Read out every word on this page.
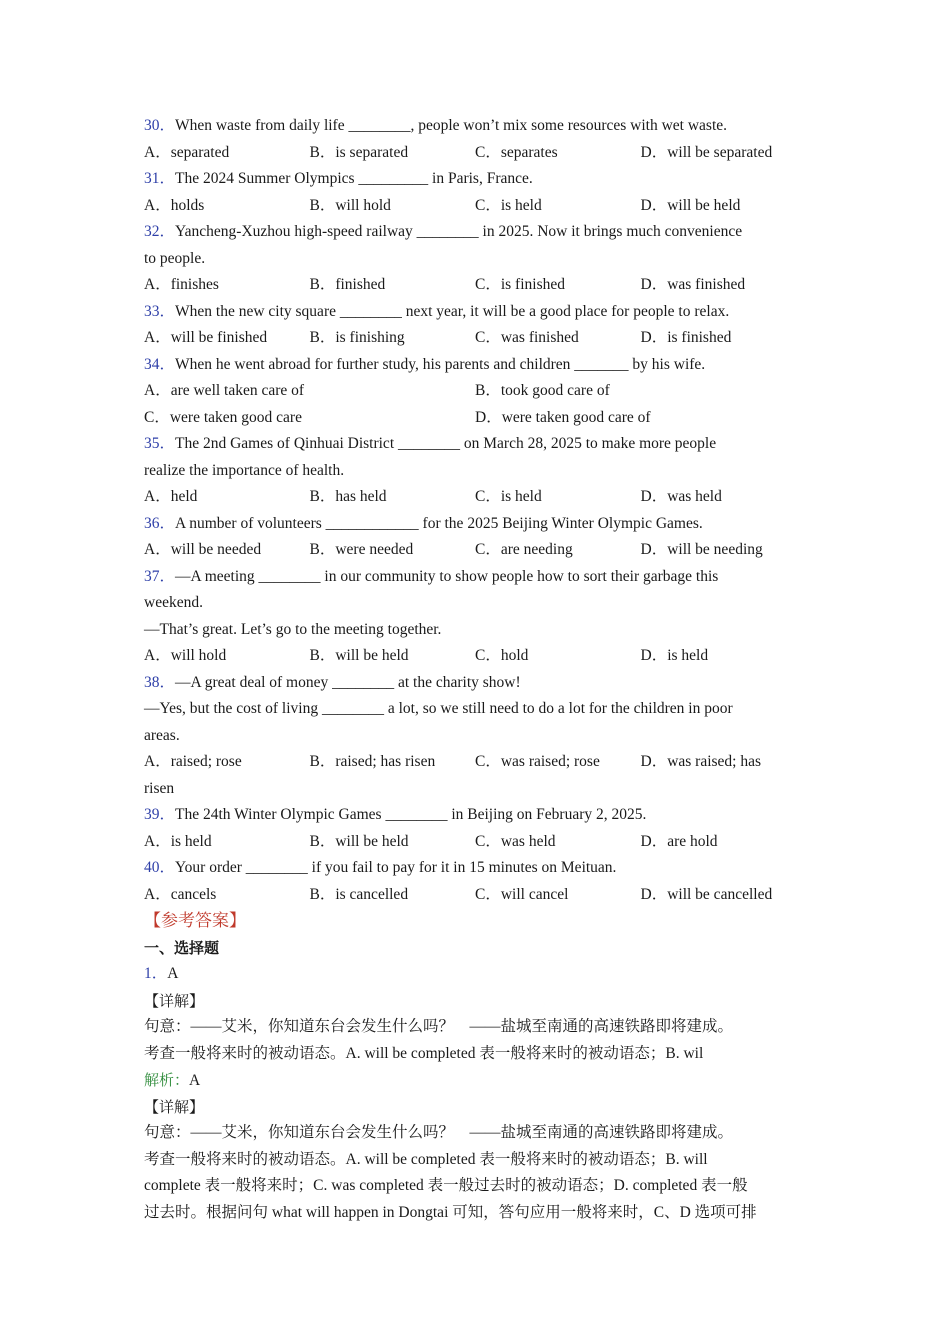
30．When waste from daily life ________, people won’t mix some resources with wet waste.
A．separated	B．is separated	C．separates	D．will be separated
31．The 2024 Summer Olympics _________ in Paris, France.
A．holds	B．will hold	C．is held	D．will be held
32．Yancheng-Xuzhou high-speed railway ________ in 2025. Now it brings much convenience
to people.
A．finishes	B．finished	C．is finished	D．was finished
33．When the new city square ________ next year, it will be a good place for people to relax.
A．will be finished	B．is finishing	C．was finished	D．is finished
34．When he went abroad for further study, his parents and children _______ by his wife.
A．are well taken care of	B．took good care of
C．were taken good care	D．were taken good care of
35．The 2nd Games of Qinhuai District ________ on March 28, 2025 to make more people
realize the importance of health.
A．held	B．has held	C．is held	D．was held
36．A number of volunteers ____________ for the 2025 Beijing Winter Olympic Games.
A．will be needed	B．were needed	C．are needing	D．will be needing
37．—A meeting ________ in our community to show people how to sort their garbage this
weekend.
—That’s great. Let’s go to the meeting together.
A．will hold	B．will be held	C．hold	D．is held
38．—A great deal of money ________ at the charity show!
—Yes, but the cost of living ________ a lot, so we still need to do a lot for the children in poor
areas.
A．raised; rose	B．raised; has risen	C．was raised; rose	D．was raised; has
risen
39．The 24th Winter Olympic Games ________ in Beijing on February 2, 2025.
A．is held	B．will be held	C．was held	D．are hold
40．Your order ________ if you fail to pay for it in 15 minutes on Meituan.
A．cancels	B．is cancelled	C．will cancel	D．will be cancelled
【参考答案】
一、选择题
1．A
【详解】
句意：——艾米，你知道东台会发生什么吗？　——盐城至南通的高速铁路即将建成。
考查一般将来时的被动语态。A. will be completed 表一般将来时的被动语态；B. wil
解析：A
【详解】
句意：——艾米，你知道东台会发生什么吗？　——盐城至南通的高速铁路即将建成。
考查一般将来时的被动语态。A. will be completed 表一般将来时的被动语态；B. will
complete 表一般将来时；C. was completed 表一般过去时的被动语态；D. completed 表一般
过去时。根据问句 what will happen in Dongtai 可知，答句应用一般将来时，C、D 选项可排
